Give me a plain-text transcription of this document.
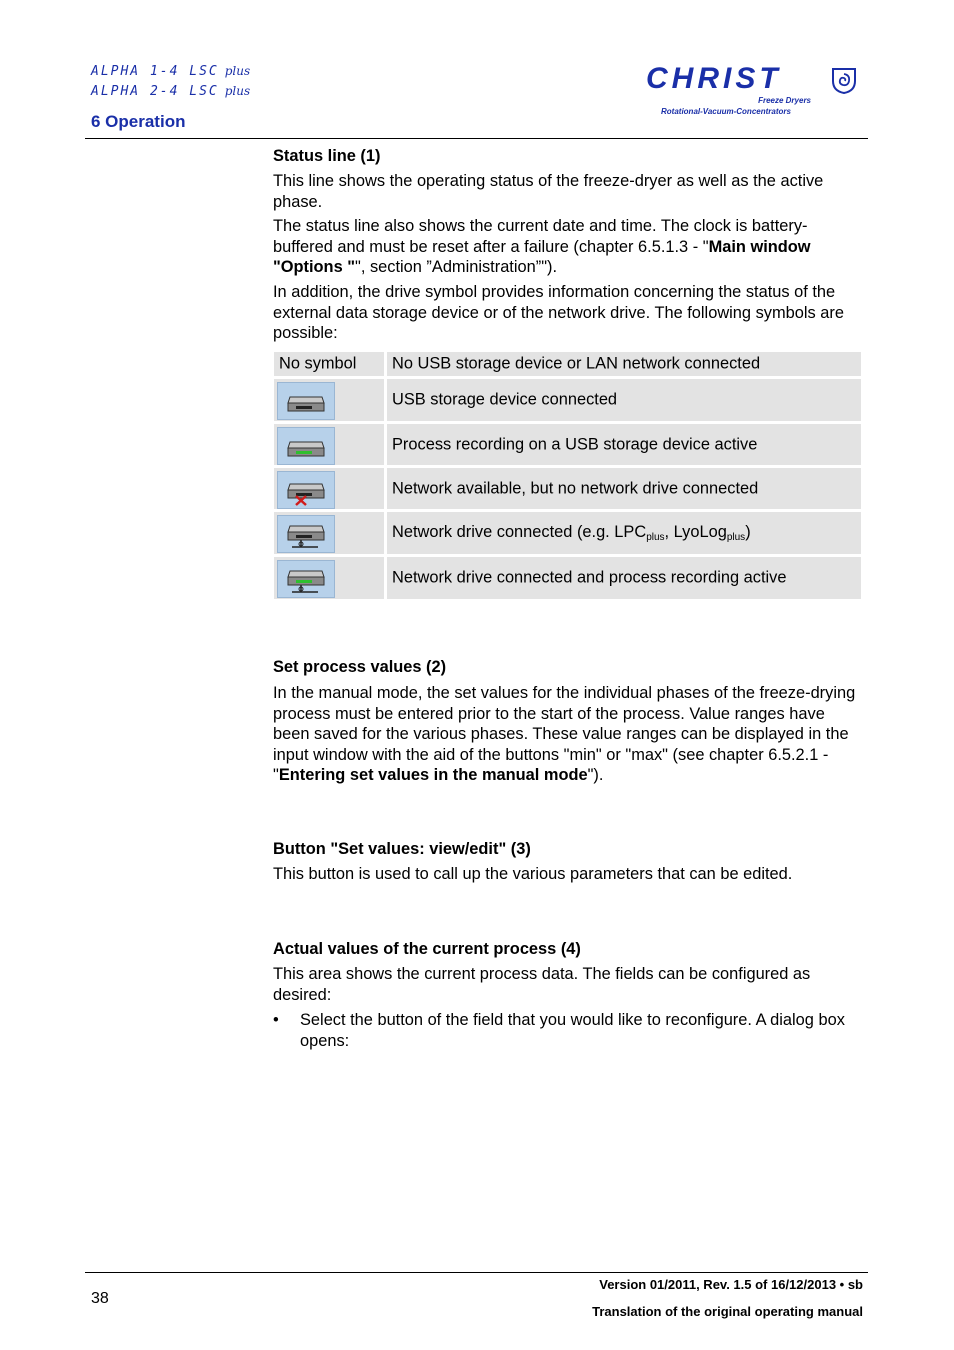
ALPHA 1-4 LSC plus
ALPHA 2-4 LSC plus
6 Operation
CHRIST
Freeze Dryers
Rotational-Vacuum-Concentrators
Status line (1)

This line shows the operating status of the freeze-dryer as well as the active phase.

The status line also shows the current date and time. The clock is battery-buffered and must be reset after a failure (chapter 6.5.1.3 - "Main window "Options "", section ”Administration”").

In addition, the drive symbol provides information concerning the status of the external data storage device or of the network drive. The following symbols are possible:

No symbol No USB storage device or LAN network connected
USB storage device connected
Process recording on a USB storage device active
Network available, but no network drive connected
Network drive connected (e.g. $LPC_{plus}$, LyoLog$_{plus}$)
Network drive connected and process recording active
Set process values (2)

In the manual mode, the set values for the individual phases of the freeze-drying process must be entered prior to the start of the process. Value ranges have been saved for the various phases. These value ranges can be displayed in the input window with the aid of the buttons "min" or "max" (see chapter 6.5.2.1 - "Entering set values in the manual mode").

Button "Set values: view/edit" (3)

This button is used to call up the various parameters that can be edited.

Actual values of the current process (4)

This area shows the current process data. The fields can be configured as desired:

• Select the button of the field that you would like to reconfigure. A dialog box opens:
38
Version 01/2011, Rev. 1.5 of 16/12/2013 • sb
Translation of the original operating manual
